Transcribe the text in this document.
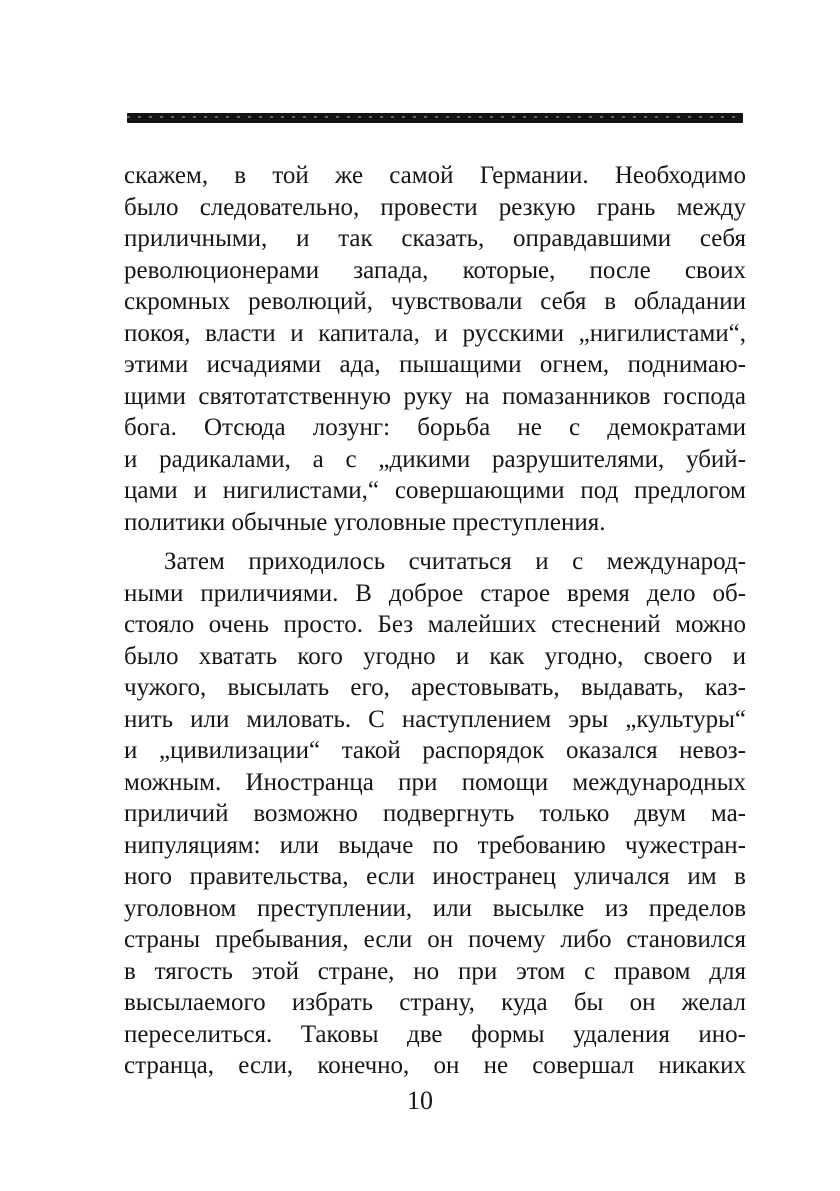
скажем, в той же самой Германии. Необходимо
было следовательно, провести резкую грань между
приличными, и так сказать, оправдавшими себя
революционерами запада, которые, после своих
скромных революций, чувствовали себя в обладании
покоя, власти и капитала, и русскими „нигилистами“,
этими исчадиями ада, пышащими огнем, поднимаю-
щими святотатственную руку на помазанников господа
бога. Отсюда лозунг: борьба не с демократами
и радикалами, а с „дикими разрушителями, убий-
цами и нигилистами,“ совершающими под предлогом
политики обычные уголовные преступления.
Затем приходилось считаться и с международ-
ными приличиями. В доброе старое время дело об-
стояло очень просто. Без малейших стеснений можно
было хватать кого угодно и как угодно, своего и
чужого, высылать его, арестовывать, выдавать, каз-
нить или миловать. С наступлением эры „культуры“
и „цивилизации“ такой распорядок оказался невоз-
можным. Иностранца при помощи международных
приличий возможно подвергнуть только двум ма-
нипуляциям: или выдаче по требованию чужестран-
ного правительства, если иностранец уличался им в
уголовном преступлении, или высылке из пределов
страны пребывания, если он почему либо становился
в тягость этой стране, но при этом с правом для
высылаемого избрать страну, куда бы он желал
переселиться. Таковы две формы удаления ино-
странца, если, конечно, он не совершал никаких
10
